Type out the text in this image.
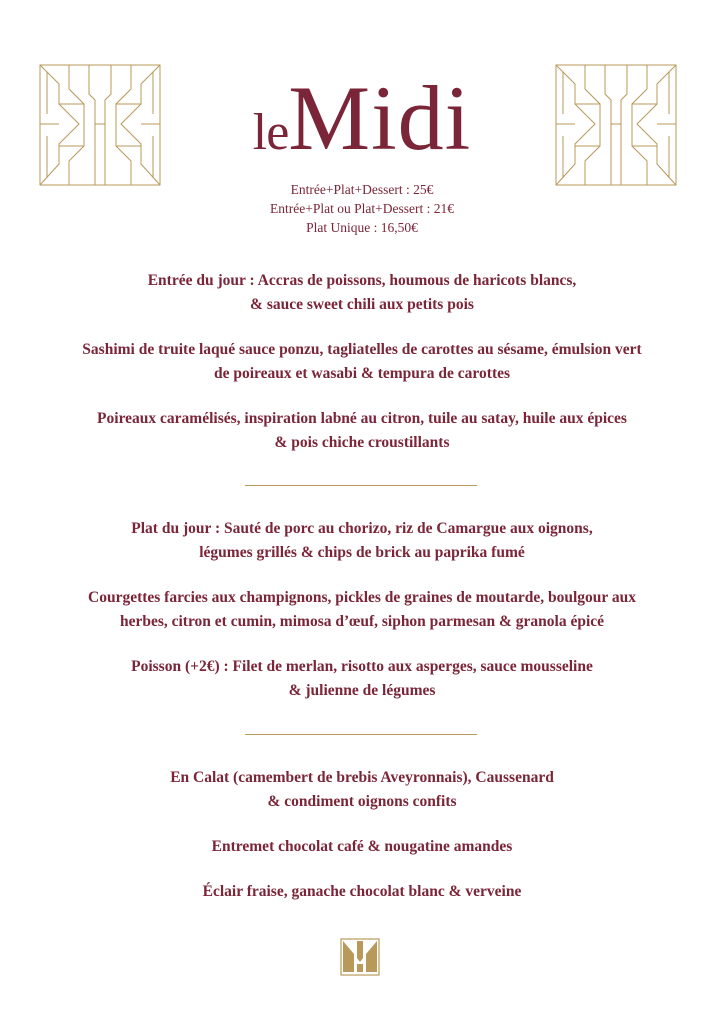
leMidi
Entrée+Plat+Dessert : 25€
Entrée+Plat ou Plat+Dessert : 21€
Plat Unique : 16,50€

Entrée du jour : Accras de poissons, houmous de haricots blancs,
& sauce sweet chili aux petits pois

Sashimi de truite laqué sauce ponzu, tagliatelles de carottes au sésame, émulsion vert
de poireaux et wasabi & tempura de carottes

Poireaux caramélisés, inspiration labné au citron, tuile au satay, huile aux épices
& pois chiche croustillants

Plat du jour : Sauté de porc au chorizo, riz de Camargue aux oignons,
légumes grillés & chips de brick au paprika fumé

Courgettes farcies aux champignons, pickles de graines de moutarde, boulgour aux
herbes, citron et cumin, mimosa d’œuf, siphon parmesan & granola épicé

Poisson (+2€) : Filet de merlan, risotto aux asperges, sauce mousseline
& julienne de légumes

En Calat (camembert de brebis Aveyronnais), Caussenard
& condiment oignons confits

Entremet chocolat café & nougatine amandes

Éclair fraise, ganache chocolat blanc & verveine
